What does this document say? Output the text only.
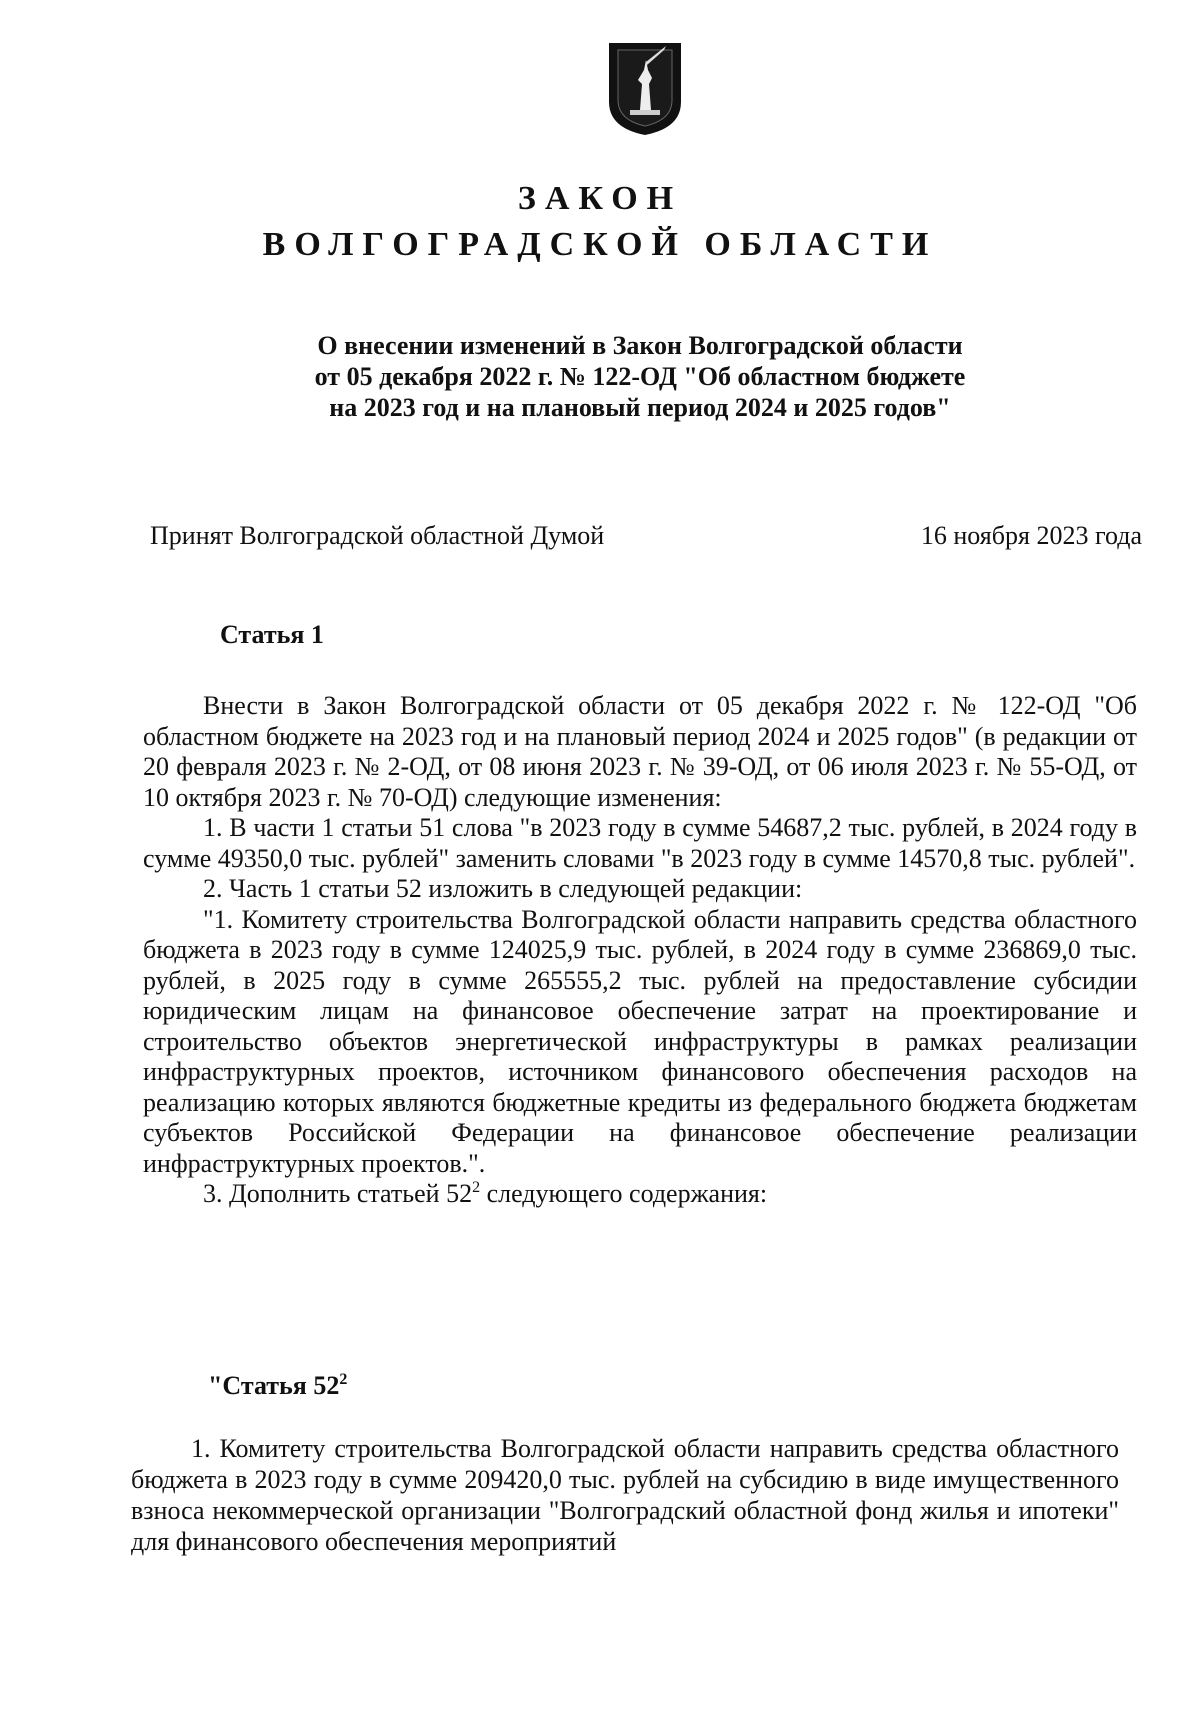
ЗАКОН
ВОЛГОГРАДСКОЙ ОБЛАСТИ
О внесении изменений в Закон Волгоградской области
от 05 декабря 2022 г. № 122-ОД "Об областном бюджете
на 2023 год и на плановый период 2024 и 2025 годов"
Принят Волгоградской областной Думой	16 ноября 2023 года
Статья 1

Внести в Закон Волгоградской области от 05 декабря 2022 г. № 122-ОД "Об областном бюджете на 2023 год и на плановый период 2024 и 2025 годов" (в редакции от 20 февраля 2023 г. № 2-ОД, от 08 июня 2023 г. № 39-ОД, от 06 июля 2023 г. № 55-ОД, от 10 октября 2023 г. № 70-ОД) следующие изменения:

1. В части 1 статьи 51 слова "в 2023 году в сумме 54687,2 тыс. рублей, в 2024 году в сумме 49350,0 тыс. рублей" заменить словами "в 2023 году в сумме 14570,8 тыс. рублей".

2. Часть 1 статьи 52 изложить в следующей редакции:

"1. Комитету строительства Волгоградской области направить средства областного бюджета в 2023 году в сумме 124025,9 тыс. рублей, в 2024 году в сумме 236869,0 тыс. рублей, в 2025 году в сумме 265555,2 тыс. рублей на предоставление субсидии юридическим лицам на финансовое обеспечение затрат на проектирование и строительство объектов энергетической инфраструктуры в рамках реализации инфраструктурных проектов, источником финансового обеспечения расходов на реализацию которых являются бюджетные кредиты из федерального бюджета бюджетам субъектов Российской Федерации на финансовое обеспечение реализации инфраструктурных проектов.".

3. Дополнить статьей $52^2$ следующего содержания:

"Статья $52^2$

1. Комитету строительства Волгоградской области направить средства областного бюджета в 2023 году в сумме 209420,0 тыс. рублей на субсидию в виде имущественного взноса некоммерческой организации "Волгоградский областной фонд жилья и ипотеки" для финансового обеспечения мероприятий
